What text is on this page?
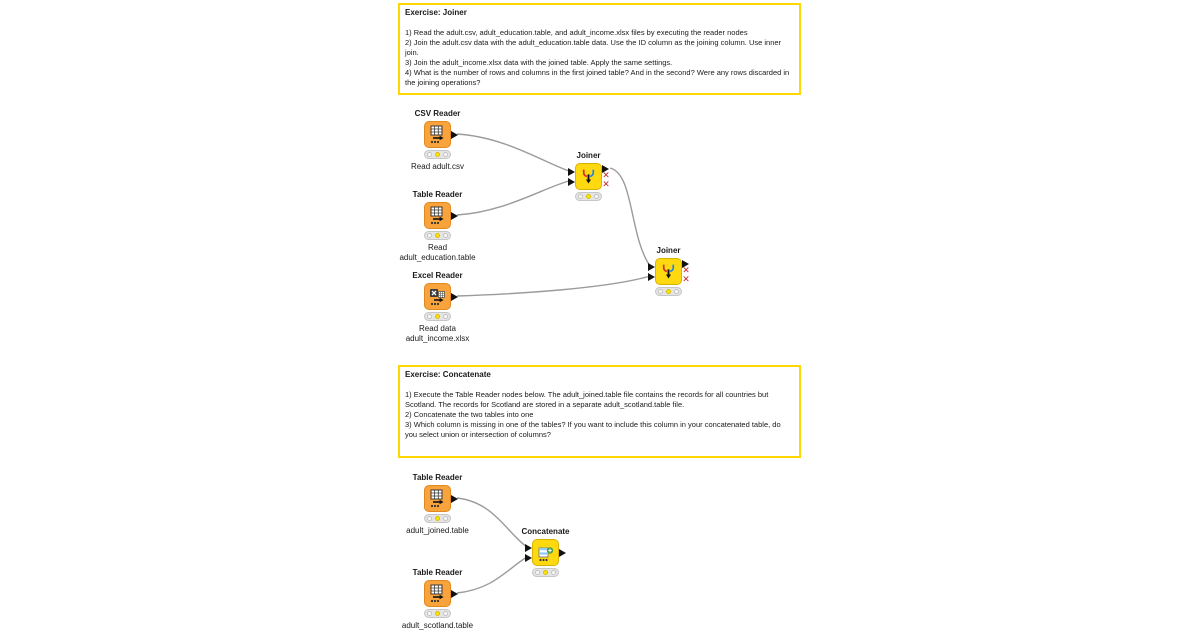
Exercise: Joiner
1) Read the adult.csv, adult_education.table, and adult_income.xlsx files by executing the reader nodes
2) Join the adult.csv data with the adult_education.table data. Use the ID column as the joining column. Use inner join.
3) Join the adult_income.xlsx data with the joined table. Apply the same settings.
4) What is the number of rows and columns in the first joined table? And in the second? Were any rows discarded in the joining operations?
Exercise: Concatenate
1) Execute the Table Reader nodes below. The adult_joined.table file contains the records for all countries but Scotland. The records for Scotland are stored in a separate adult_scotland.table file.
2) Concatenate the two tables into one
3) Which column is missing in one of the tables? If you want to include this column in your concatenated table, do you select union or intersection of columns?
CSV Reader
Read adult.csv
Table Reader
Read adult_education.table
Excel Reader
Read data adult_income.xlsx
Joiner
✕
✕
Joiner
✕
✕
Table Reader
adult_joined.table
Table Reader
adult_scotland.table
Concatenate
